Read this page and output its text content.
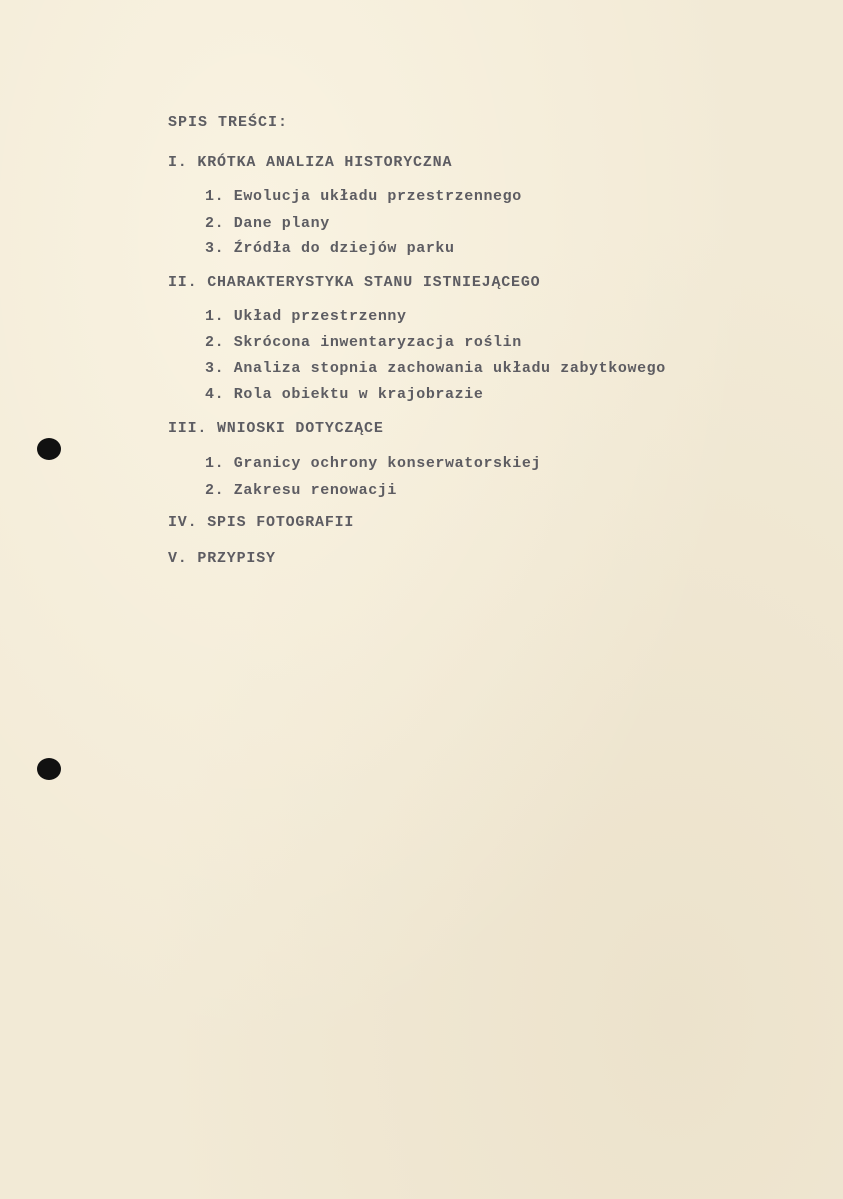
SPIS TREŚCI:
I. KRÓTKA ANALIZA HISTORYCZNA
1. Ewolucja układu przestrzennego
2. Dane plany
3. Źródła do dziejów parku
II. CHARAKTERYSTYKA STANU ISTNIEJĄCEGO
1. Układ przestrzenny
2. Skrócona inwentaryzacja roślin
3. Analiza stopnia zachowania układu zabytkowego
4. Rola obiektu w krajobrazie
III. WNIOSKI DOTYCZĄCE
1. Granicy ochrony konserwatorskiej
2. Zakresu renowacji
IV. SPIS FOTOGRAFII
V. PRZYPISY
